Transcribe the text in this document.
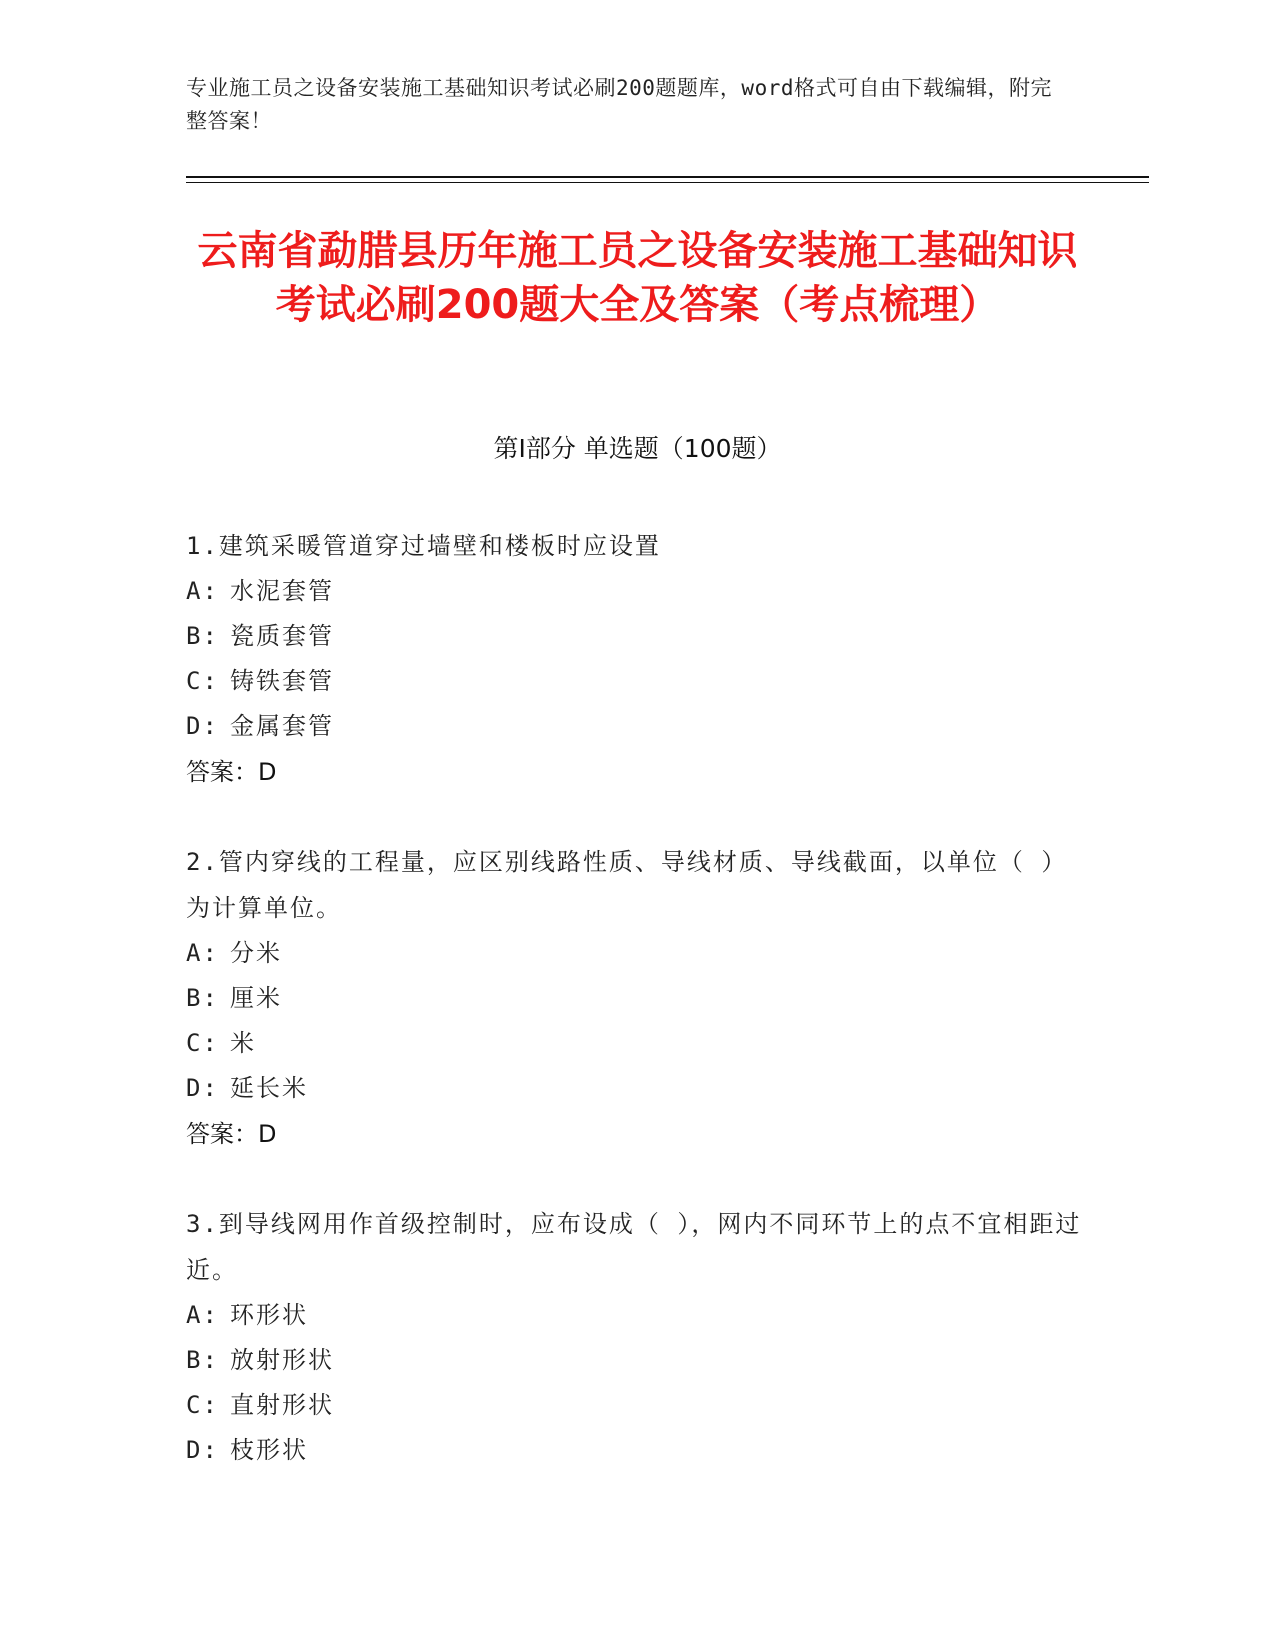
专业施工员之设备安装施工基础知识考试必刷200题题库，word格式可自由下载编辑，附完整答案！
云南省勐腊县历年施工员之设备安装施工基础知识考试必刷200题大全及答案（考点梳理）
第Ⅰ部分 单选题（100题）
1.建筑采暖管道穿过墙壁和楼板时应设置
A: 水泥套管
B: 瓷质套管
C: 铸铁套管
D: 金属套管
答案：D
2.管内穿线的工程量，应区别线路性质、导线材质、导线截面，以单位（ ）为计算单位。
A: 分米
B: 厘米
C: 米
D: 延长米
答案：D
3.到导线网用作首级控制时，应布设成（ ），网内不同环节上的点不宜相距过近。
A: 环形状
B: 放射形状
C: 直射形状
D: 枝形状
